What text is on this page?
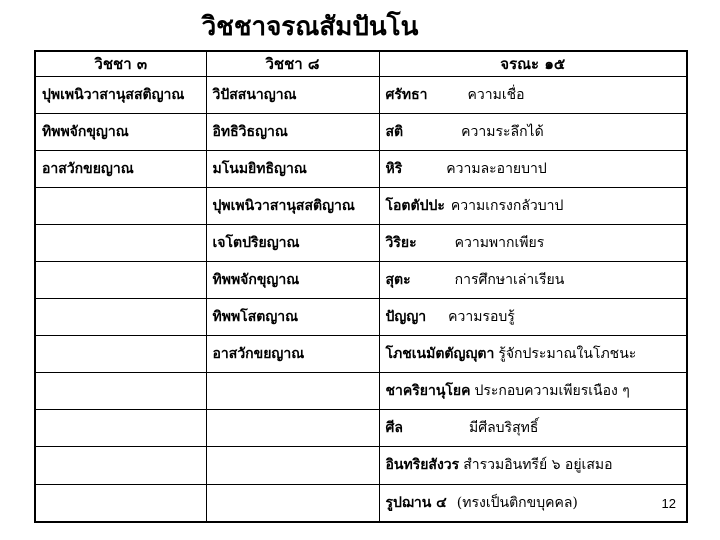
วิชชาจรณสัมปันโน
วิชชา ๓	วิชชา ๘	จรณะ ๑๕
ปุพเพนิวาสานุสสติญาณ	วิปัสสนาญาณ	ศรัทธา ความเชื่อ
ทิพพจักขุญาณ	อิทธิวิธญาณ	สติ ความระลึกได้
อาสวักขยญาณ	มโนมยิทธิญาณ	หิริ ความละอายบาป
	ปุพเพนิวาสานุสสติญาณ	โอตตัปปะ ความเกรงกลัวบาป
	เจโตปริยญาณ	วิริยะ ความพากเพียร
	ทิพพจักขุญาณ	สุตะ การศึกษาเล่าเรียน
	ทิพพโสตญาณ	ปัญญา ความรอบรู้
	อาสวักขยญาณ	โภชเนมัตตัญญุตา รู้จักประมาณในโภชนะ
		ชาคริยานุโยค ประกอบความเพียรเนือง ๆ
		ศีล มีศีลบริสุทธิ์
		อินทริยสังวร สำรวมอินทรีย์ ๖ อยู่เสมอ
		รูปฌาน ๔ (ทรงเป็นติกขบุคคล)	12
